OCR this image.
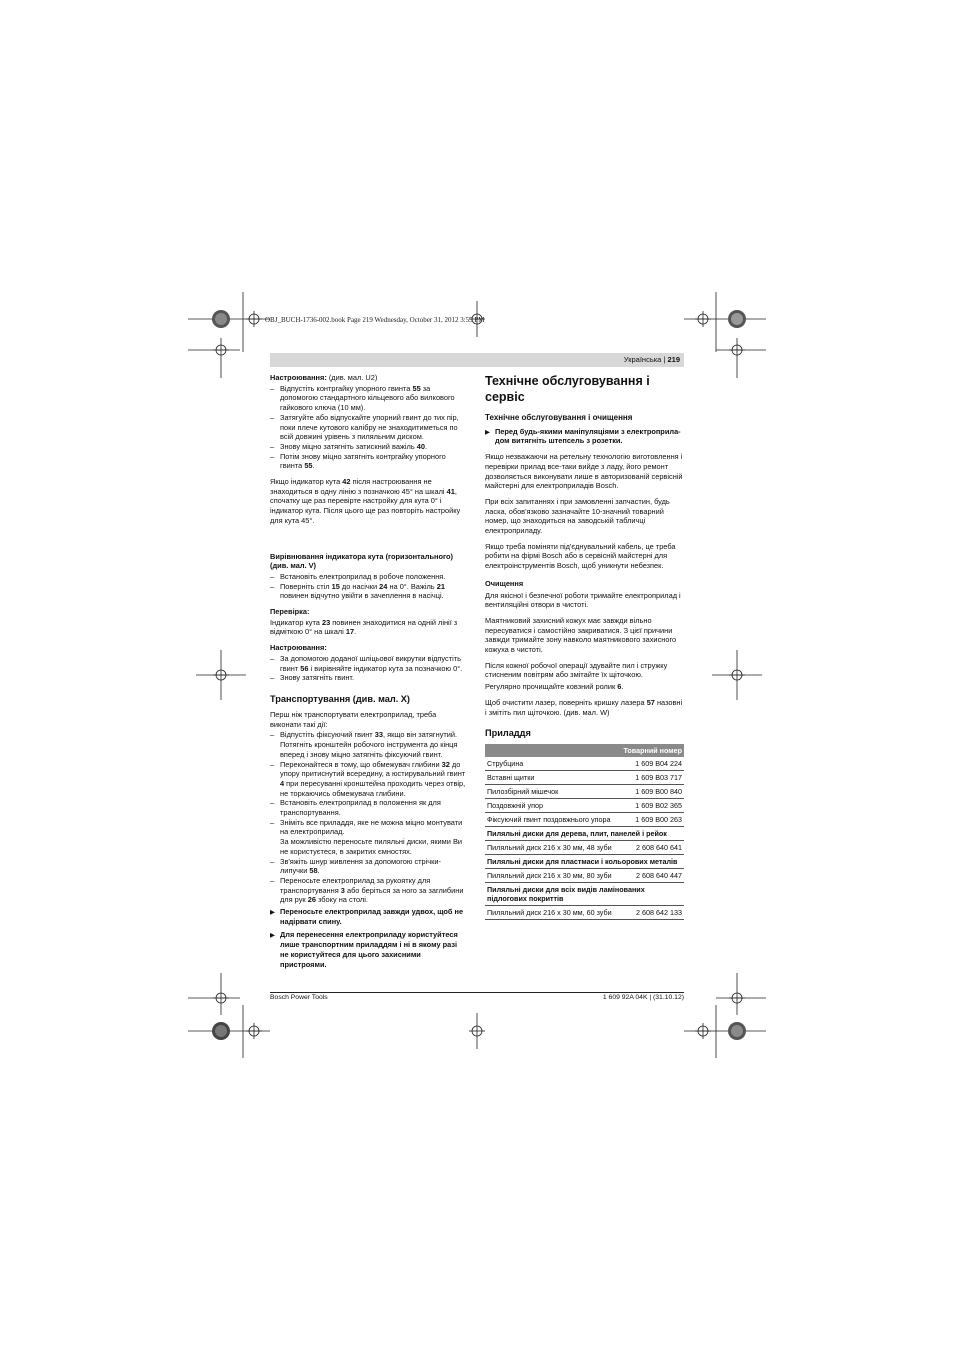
OBJ_BUCH-1736-002.book Page 219 Wednesday, October 31, 2012 3:55 PM
Українська | 219

Настроювання: (див. мал. U2)

– Відпустіть контргайку упорного гвинта 55 за допомогою стандартного кільцевого або вилкового гайкового ключа (10 мм).
– Затягуйте або відпускайте упорний гвинт до тих пір, поки плече кутового калібру не знаходитиметься по всій довжині урівень з пиляльним диском.
– Знову міцно затягніть затискний важіль 40.
– Потім знову міцно затягніть контргайку упорного гвинта 55.

Якщо індикатор кута 42 після настроювання не знаходиться в одну лінію з позначкою 45° на шкалі 41, спочатку ще раз перевірте настройку для кута 0° і індикатор кута. Після цього ще раз повторіть настройку для кута 45°.

Вирівнювання індикатора кута (горизонтального) (див. мал. V)

– Встановіть електроприлад в робоче положення.
– Поверніть стіл 15 до насічки 24 на 0°. Важіль 21 повинен відчутно увійти в зачеплення в насічці.

Перевірка:

Індикатор кута 23 повинен знаходитися на одній лінії з відміткою 0° на шкалі 17.

Настроювання:

– За допомогою доданої шліцьової викрутки відпустіть гвинт 56 і вирівняйте індикатор кута за позначкою 0°.
– Знову затягніть гвинт.

Транспортування (див. мал. X)

Перш ніж транспортувати електроприлад, треба виконати такі дії:

– Відпустіть фіксуючий гвинт 33, якщо він затягнутий. Потягніть кронштейн робочого інструмента до кінця вперед і знову міцно затягніть фіксуючий гвинт.
– Переконайтеся в тому, що обмежувач глибини 32 до упору притиснутий всередину, а юстирувальний гвинт 4 при пересуванні кронштейна проходить через отвір, не торкаючись обмежувача глибини.
– Встановіть електроприлад в положення як для транспортування.
– Зніміть все приладдя, яке не можна міцно монтувати на електроприлад.
За можливістю переносьте пиляльні диски, якими Ви не користуєтеся, в закритих ємностях.
– Зв'яжіть шнур живлення за допомогою стрічки-липучки 58.
– Переносьте електроприлад за рукоятку для транспортування 3 або беріться за ного за заглибини для рук 26 збоку на столі.
▶ Переносьте електроприлад завжди удвох, щоб не надірвати спину.
▶ Для перенесення електроприладу користуйтеся лише транспортним приладдям і ні в якому разі не користуйтеся для цього захисними пристроями.

Технічне обслуговування і сервіс

Технічне обслуговування і очищення

▶ Перед будь-якими маніпуляціями з електроприла-дом витягніть штепсель з розетки.

Якщо незважаючи на ретельну технологію виготовлення і перевірки прилад все-таки вийде з ладу, його ремонт дозволяється виконувати лише в авторизованій сервісній майстерні для електроприладів Bosch.

При всіх запитаннях і при замовленні запчастин, будь ласка, обов'язково зазначайте 10-значний товарний номер, що знаходиться на заводській табличці електроприладу.

Якщо треба поміняти під'єднувальний кабель, це треба робити на фірмі Bosch або в сервісній майстерні для електроінструментів Bosch, щоб уникнути небезпек.

Очищення

Для якісної і безпечної роботи тримайте електроприлад і вентиляційні отвори в чистоті.

Маятниковий захисний кожух має завжди вільно пересуватися і самостійно закриватися. З цієї причини завжди тримайте зону навколо маятникового захисного кожуха в чистоті.

Після кожної робочої операції здувайте пил і стружку стисненим повітрям або змітайте їх щіточкою.

Регулярно прочищайте ковзний ролик 6.

Щоб очистити лазер, поверніть кришку лазера 57 назовні і змітіть пил щіточкою. (див. мал. W)

Приладдя

Товарний номер	
Струбцина	1 609 B04 224
Вставні щитки	1 609 B03 717
Пилозбірний мішечок	1 609 B00 840
Поздовжній упор	1 609 B02 365
Фіксуючий гвинт поздовжнього упора	1 609 B00 263
Пиляльні диски для дерева, плит, панелей і рейок	
Пиляльний диск 216 x 30 мм, 48 зуби	2 608 640 641
Пиляльні диски для пластмаси і кольорових металів	
Пиляльний диск 216 x 30 мм, 80 зуби	2 608 640 447
Пиляльні диски для всіх видів ламінованих підлогових покриттів	
Пиляльний диск 216 x 30 мм, 60 зуби	2 608 642 133
Bosch Power Tools	1 609 92A 04K | (31.10.12)
